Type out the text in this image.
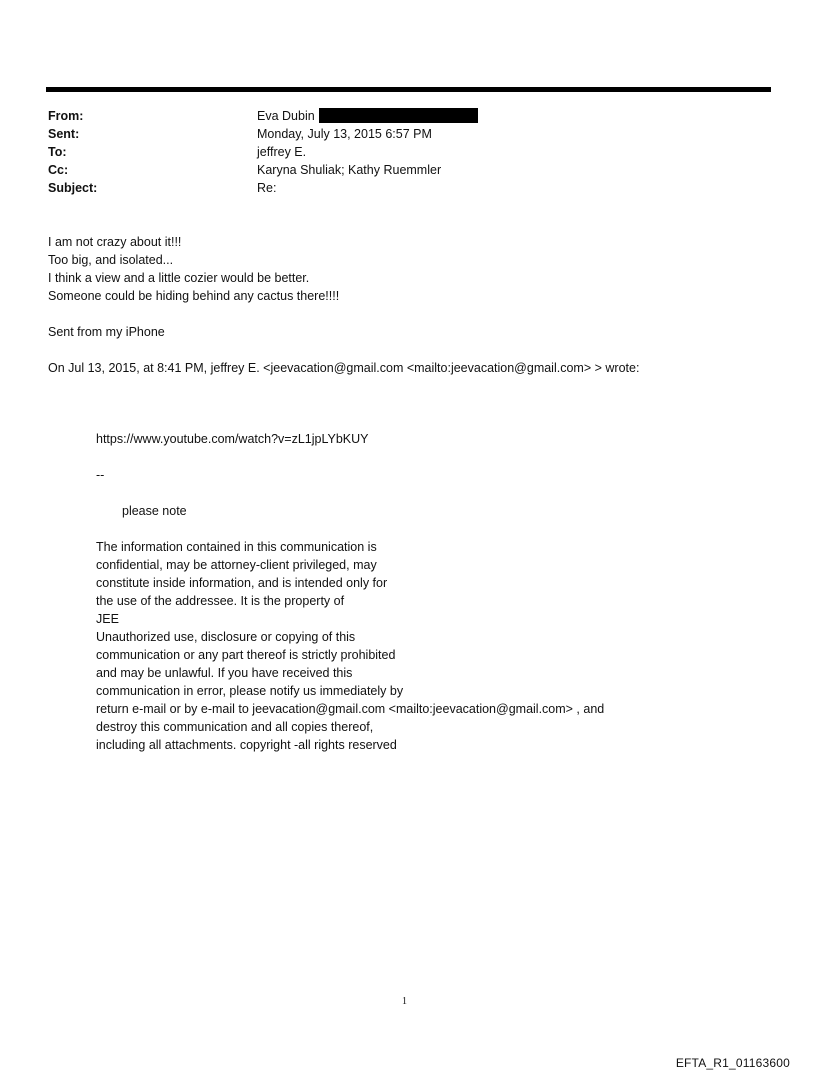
From:	Eva Dubin
Sent:	Monday, July 13, 2015 6:57 PM
To:	jeffrey E.
Cc:	Karyna Shuliak; Kathy Ruemmler
Subject:	Re:
I am not crazy about it!!!
Too big, and isolated...
I think a view and a little cozier would be better.
Someone could be hiding behind any cactus there!!!!
Sent from my iPhone
On Jul 13, 2015, at 8:41 PM, jeffrey E. <jeevacation@gmail.com <mailto:jeevacation@gmail.com> > wrote:
https://www.youtube.com/watch?v=zL1jpLYbKUY
--
please note
The information contained in this communication is
confidential, may be attorney-client privileged, may
constitute inside information, and is intended only for
the use of the addressee. It is the property of
JEE
Unauthorized use, disclosure or copying of this
communication or any part thereof is strictly prohibited
and may be unlawful. If you have received this
communication in error, please notify us immediately by
return e-mail or by e-mail to jeevacation@gmail.com <mailto:jeevacation@gmail.com> , and
destroy this communication and all copies thereof,
including all attachments. copyright -all rights reserved
1
EFTA_R1_01163600
